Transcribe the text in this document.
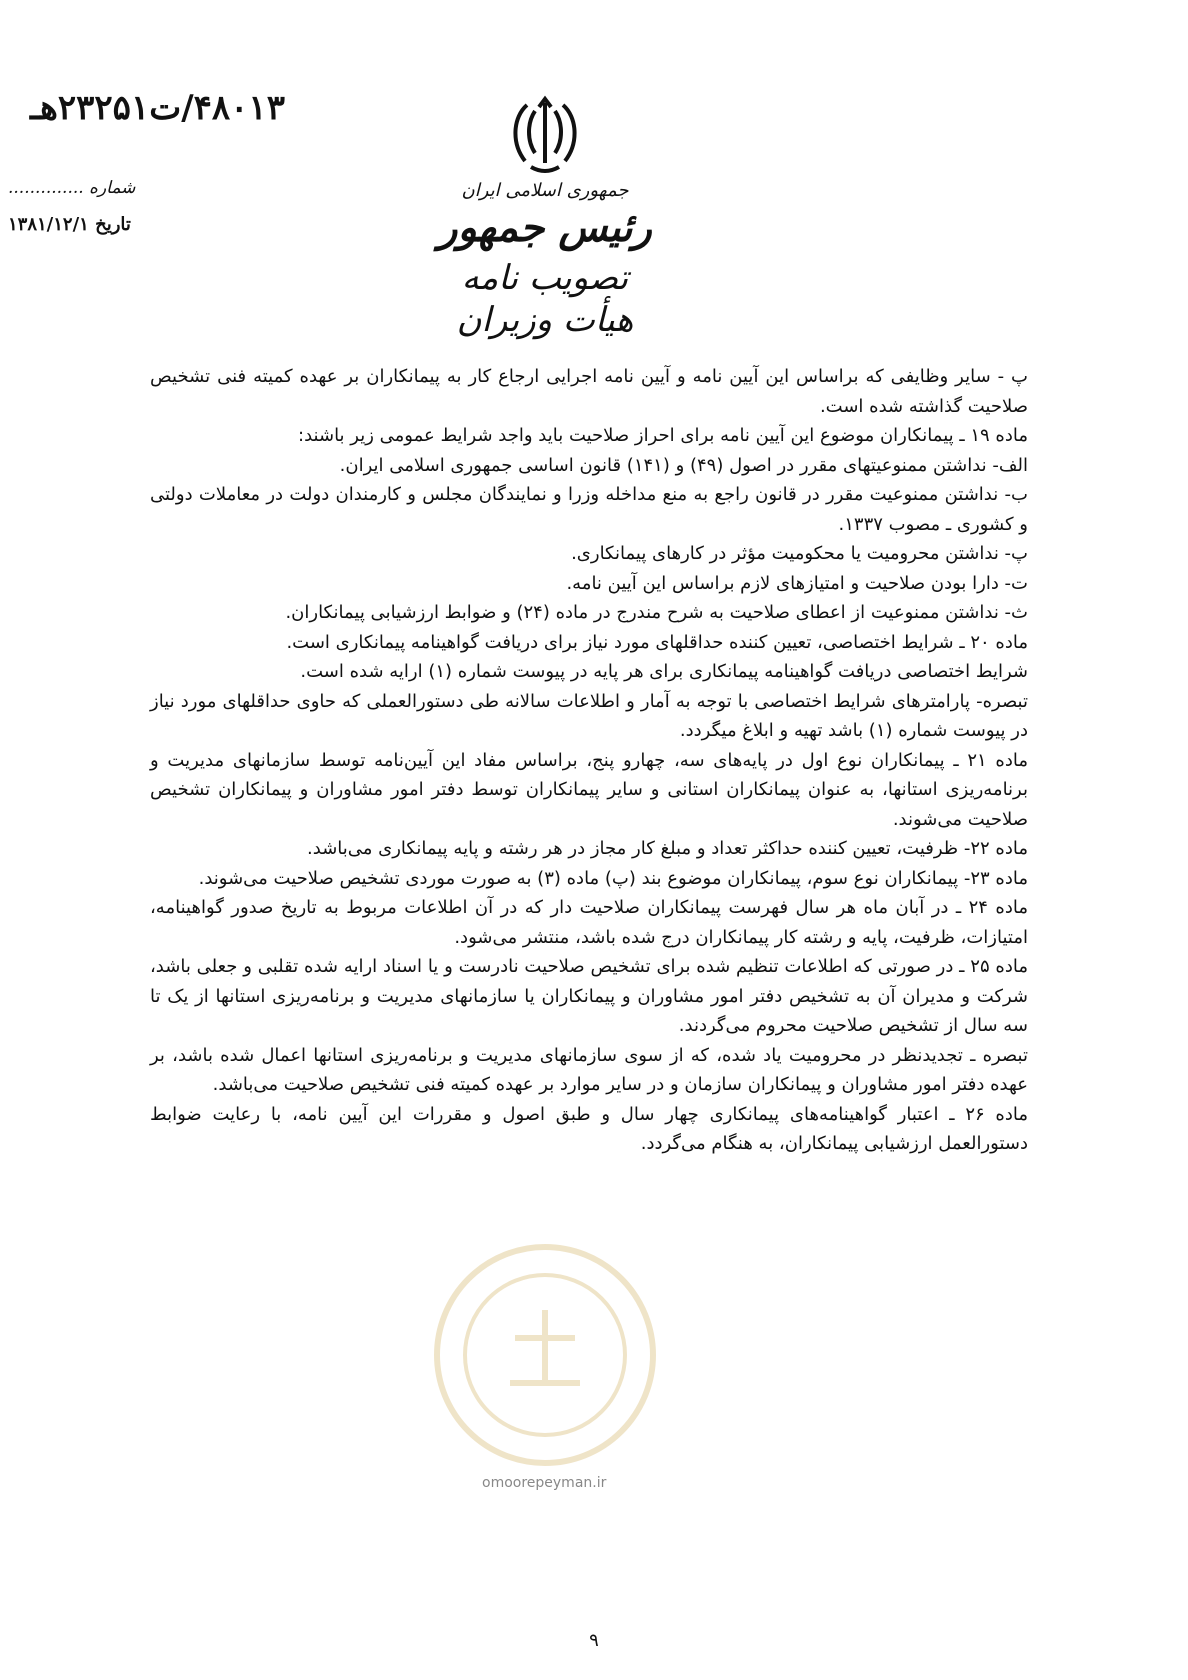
۴۸۰۱۳/ت۲۳۲۵۱هـ
شماره ..............
تاریخ ۱۳۸۱/۱۲/۱
جمهوری اسلامی ایران
رئیس جمهور
تصویب نامه هیأت وزیران

پ - سایر وظایفی که براساس این آیین نامه و آیین نامه اجرایی ارجاع کار به پیمانکاران بر عهده کمیته فنی تشخیص صلاحیت گذاشته شده است.

ماده ۱۹ ـ پیمانکاران موضوع این آیین نامه برای احراز صلاحیت باید واجد شرایط عمومی زیر باشند:

الف- نداشتن ممنوعیتهای مقرر در اصول (۴۹) و (۱۴۱) قانون اساسی جمهوری اسلامی ایران.

ب- نداشتن ممنوعیت مقرر در قانون راجع به منع مداخله وزرا و نمایندگان مجلس و کارمندان دولت در معاملات دولتی و کشوری ـ مصوب ۱۳۳۷.

پ- نداشتن محرومیت یا محکومیت مؤثر در کارهای پیمانکاری.

ت- دارا بودن صلاحیت و امتیازهای لازم براساس این آیین نامه.

ث- نداشتن ممنوعیت از اعطای صلاحیت به شرح مندرج در ماده (۲۴) و ضوابط ارزشیابی پیمانکاران.

ماده ۲۰ ـ شرایط اختصاصی، تعیین کننده حداقلهای مورد نیاز برای دریافت گواهینامه پیمانکاری است.

شرایط اختصاصی دریافت گواهینامه پیمانکاری برای هر پایه در پیوست شماره (۱) ارایه شده است.

تبصره- پارامترهای شرایط اختصاصی با توجه به آمار و اطلاعات سالانه طی دستورالعملی که حاوی حداقلهای مورد نیاز در پیوست شماره (۱) باشد تهیه و ابلاغ میگردد.

ماده ۲۱ ـ پیمانکاران نوع اول در پایه‌های سه، چهارو پنج، براساس مفاد این آیین‌نامه توسط سازمانهای مدیریت و برنامه‌ریزی استانها، به عنوان پیمانکاران استانی و سایر پیمانکاران توسط دفتر امور مشاوران و پیمانکاران تشخیص صلاحیت می‌شوند.

ماده ۲۲- ظرفیت، تعیین کننده حداکثر تعداد و مبلغ کار مجاز در هر رشته و پایه پیمانکاری می‌باشد.

ماده ۲۳- پیمانکاران نوع سوم، پیمانکاران موضوع بند (پ) ماده (۳) به صورت موردی تشخیص صلاحیت می‌شوند.

ماده ۲۴ ـ در آبان ماه هر سال فهرست پیمانکاران صلاحیت دار که در آن اطلاعات مربوط به تاریخ صدور گواهینامه، امتیازات، ظرفیت، پایه و رشته کار پیمانکاران درج شده باشد، منتشر می‌شود.

ماده ۲۵ ـ در صورتی که اطلاعات تنظیم شده برای تشخیص صلاحیت نادرست و یا اسناد ارایه شده تقلبی و جعلی باشد، شرکت و مدیران آن به تشخیص دفتر امور مشاوران و پیمانکاران یا سازمانهای مدیریت و برنامه‌ریزی استانها از یک تا سه سال از تشخیص صلاحیت محروم می‌گردند.

تبصره ـ تجدیدنظر در محرومیت یاد شده، که از سوی سازمانهای مدیریت و برنامه‌ریزی استانها اعمال شده باشد، بر عهده دفتر امور مشاوران و پیمانکاران سازمان و در سایر موارد بر عهده کمیته فنی تشخیص صلاحیت می‌باشد.

ماده ۲۶ ـ اعتبار گواهینامه‌های پیمانکاری چهار سال و طبق اصول و مقررات این آیین نامه، با رعایت ضوابط دستورالعمل ارزشیابی پیمانکاران، به هنگام می‌گردد.

omoorepeyman.ir
۹
